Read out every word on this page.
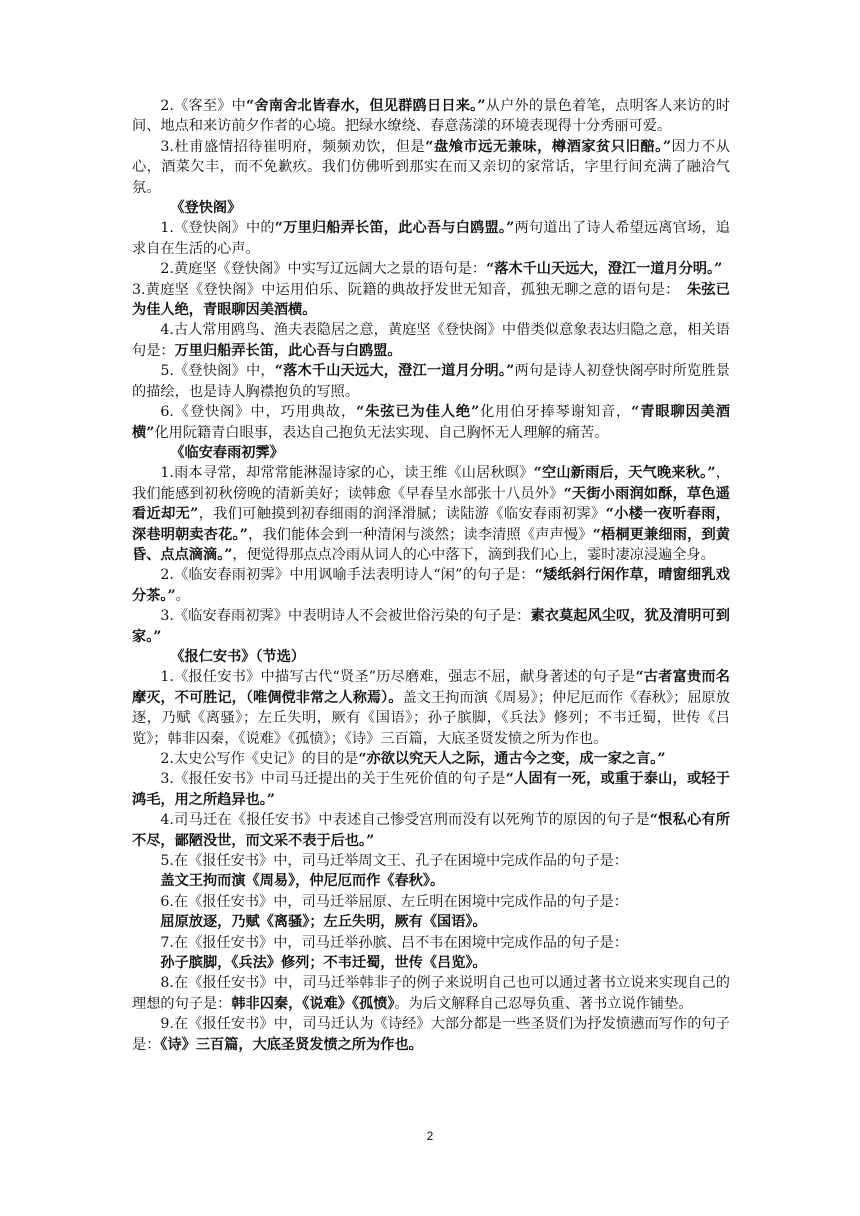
2.《客至》中“舍南舍北皆春水，但见群鸥日日来。”从户外的景色着笔，点明客人来访的时间、地点和来访前夕作者的心境。把绿水缭绕、春意荡漾的环境表现得十分秀丽可爱。

3.杜甫盛情招待崔明府，频频劝饮，但是“盘飧市远无兼味，樽酒家贫只旧醅。”因力不从心，酒菜欠丰，而不免歉疚。我们仿佛听到那实在而又亲切的家常话，字里行间充满了融洽气氛。

《登快阁》

1.《登快阁》中的“万里归船弄长笛，此心吾与白鸥盟。”两句道出了诗人希望远离官场，追求自在生活的心声。

2.黄庭坚《登快阁》中实写辽远阔大之景的语句是：“落木千山天远大，澄江一道月分明。”　3.黄庭坚《登快阁》中运用伯乐、阮籍的典故抒发世无知音，孤独无聊之意的语句是：　朱弦已为佳人绝，青眼聊因美酒横。

4.古人常用鸥鸟、渔夫表隐居之意，黄庭坚《登快阁》中借类似意象表达归隐之意，相关语句是：万里归船弄长笛，此心吾与白鸥盟。

5.《登快阁》中，“落木千山天远大，澄江一道月分明。”两句是诗人初登快阁亭时所览胜景的描绘，也是诗人胸襟抱负的写照。

6.《登快阁》中，巧用典故，“朱弦已为佳人绝”化用伯牙捧琴谢知音，“青眼聊因美酒横”化用阮籍青白眼事，表达自己抱负无法实现、自己胸怀无人理解的痛苦。

《临安春雨初霁》

1.雨本寻常，却常常能淋湿诗家的心，读王维《山居秋暝》“空山新雨后，天气晚来秋。”，我们能感到初秋傍晚的清新美好；读韩愈《早春呈水部张十八员外》“天街小雨润如酥，草色遥看近却无”，我们可触摸到初春细雨的润泽滑腻；读陆游《临安春雨初霁》“小楼一夜听春雨，深巷明朝卖杏花。”，我们能体会到一种清闲与淡然；读李清照《声声慢》“梧桐更兼细雨，到黄昏、点点滴滴。”，便觉得那点点冷雨从词人的心中落下，滴到我们心上，霎时凄凉浸遍全身。

2.《临安春雨初霁》中用讽喻手法表明诗人“闲”的句子是：“矮纸斜行闲作草，晴窗细乳戏分茶。”。

3.《临安春雨初霁》中表明诗人不会被世俗污染的句子是：素衣莫起风尘叹，犹及清明可到家。”

《报仁安书》（节选）

1.《报任安书》中描写古代“贤圣”历尽磨难，强志不屈，献身著述的句子是“古者富贵而名摩灭，不可胜记，（唯倜傥非常之人称焉）。盖文王拘而演《周易》；仲尼厄而作《春秋》；屈原放逐，乃赋《离骚》；左丘失明，厥有《国语》；孙子膑脚，《兵法》修列；不韦迁蜀，世传《吕览》；韩非囚秦，《说难》《孤愤》；《诗》三百篇，大底圣贤发愤之所为作也。

2.太史公写作《史记》的目的是“亦欲以究天人之际，通古今之变，成一家之言。”

3.《报任安书》中司马迁提出的关于生死价值的句子是“人固有一死，或重于泰山，或轻于鸿毛，用之所趋异也。”

4.司马迁在《报任安书》中表述自己惨受宫刑而没有以死殉节的原因的句子是“恨私心有所不尽，鄙陋没世，而文采不表于后也。”

5.在《报任安书》中，司马迁举周文王、孔子在困境中完成作品的句子是：

盖文王拘而演《周易》，仲尼厄而作《春秋》。

6.在《报任安书》中，司马迁举屈原、左丘明在困境中完成作品的句子是：

屈原放逐，乃赋《离骚》；左丘失明，厥有《国语》。

7.在《报任安书》中，司马迁举孙膑、吕不韦在困境中完成作品的句子是：

孙子膑脚，《兵法》修列；不韦迁蜀，世传《吕览》。

8.在《报任安书》中，司马迁举韩非子的例子来说明自己也可以通过著书立说来实现自己的理想的句子是：韩非囚秦，《说难》《孤愤》。为后文解释自己忍辱负重、著书立说作铺垫。

9.在《报任安书》中，司马迁认为《诗经》大部分都是一些圣贤们为抒发愤懑而写作的句子是：《诗》三百篇，大底圣贤发愤之所为作也。

2
